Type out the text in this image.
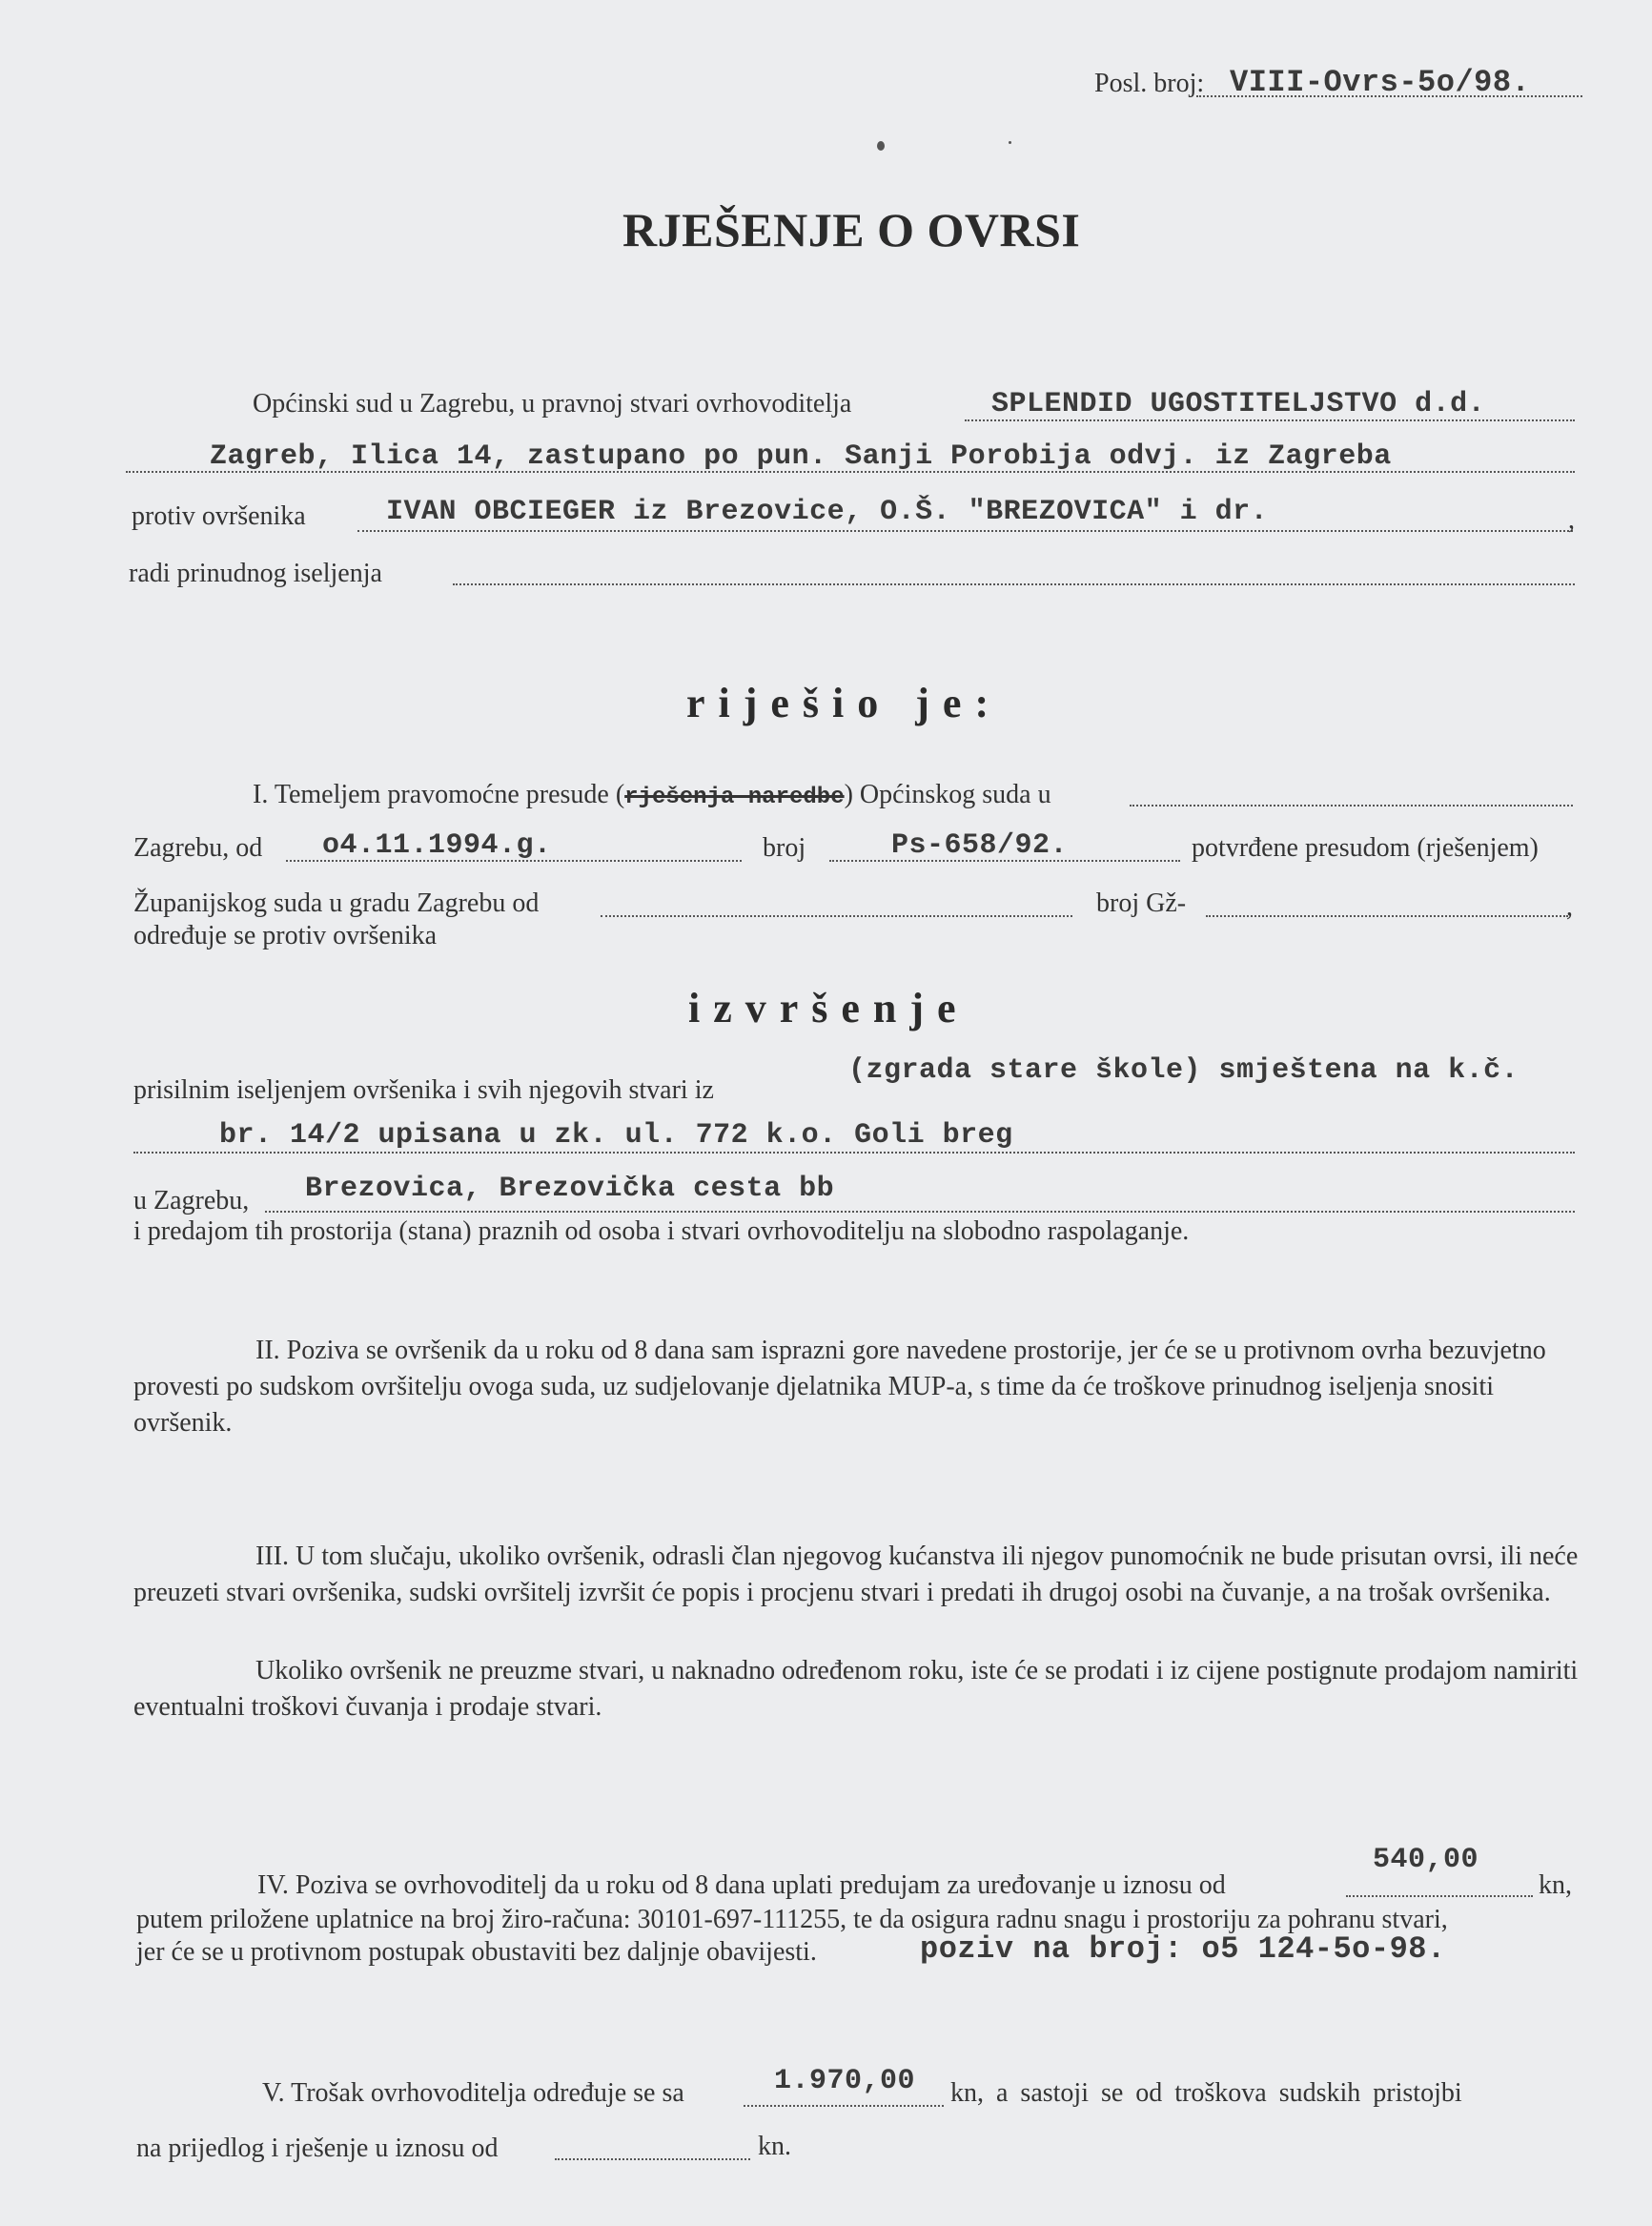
Posl. broj: VIII-Ovrs-5o/98.
RJEŠENJE O OVRSI
Općinski sud u Zagrebu, u pravnoj stvari ovrhovoditelja	SPLENDID UGOSTITELJSTVO d.d.
Zagreb, Ilica 14, zastupano po pun. Sanji Porobija odvj. iz Zagreba
protiv ovršenika	IVAN OBCIEGER iz Brezovice, O.Š. "BREZOVICA" i dr.	,
radi prinudnog iseljenja
riješio je:
I. Temeljem pravomoćne presude (rješenja-naredbe) Općinskog suda u
Zagrebu, od o4.11.1994.g.	broj	Ps-658/92.	potvrđene presudom (rješenjem)
Županijskog suda u gradu Zagrebu od	broj Gž-	,
određuje se protiv ovršenika
izvršenje
prisilnim iseljenjem ovršenika i svih njegovih stvari iz
(zgrada stare škole) smještena na k.č.
br. 14/2 upisana u zk. ul. 772 k.o. Goli breg
u Zagrebu, Brezovica, Brezovička cesta bb
i predajom tih prostorija (stana) praznih od osoba i stvari ovrhovoditelju na slobodno raspolaganje.
II. Poziva se ovršenik da u roku od 8 dana sam isprazni gore navedene prostorije, jer će se u protivnom ovrha bezuvjetno provesti po sudskom ovršitelju ovoga suda, uz sudjelovanje djelatnika MUP-a, s time da će troškove prinudnog iseljenja snositi ovršenik.
III. U tom slučaju, ukoliko ovršenik, odrasli član njegovog kućanstva ili njegov punomoćnik ne bude prisutan ovrsi, ili neće preuzeti stvari ovršenika, sudski ovršitelj izvršit će popis i procjenu stvari i predati ih drugoj osobi na čuvanje, a na trošak ovršenika.
Ukoliko ovršenik ne preuzme stvari, u naknadno određenom roku, iste će se prodati i iz cijene postignute prodajom namiriti eventualni troškovi čuvanja i prodaje stvari.
IV. Poziva se ovrhovoditelj da u roku od 8 dana uplati predujam za uređovanje u iznosu od
540,00
kn,
putem priložene uplatnice na broj žiro-računa: 30101-697-111255, te da osigura radnu snagu i prostoriju za pohranu stvari,
jer će se u protivnom postupak obustaviti bez daljnje obavijesti.	poziv na broj: o5 124-5o-98.
V. Trošak ovrhovoditelja određuje se sa	1.970,00 kn, a sastoji se od troškova sudskih pristojbi
na prijedlog i rješenje u iznosu od	kn.
